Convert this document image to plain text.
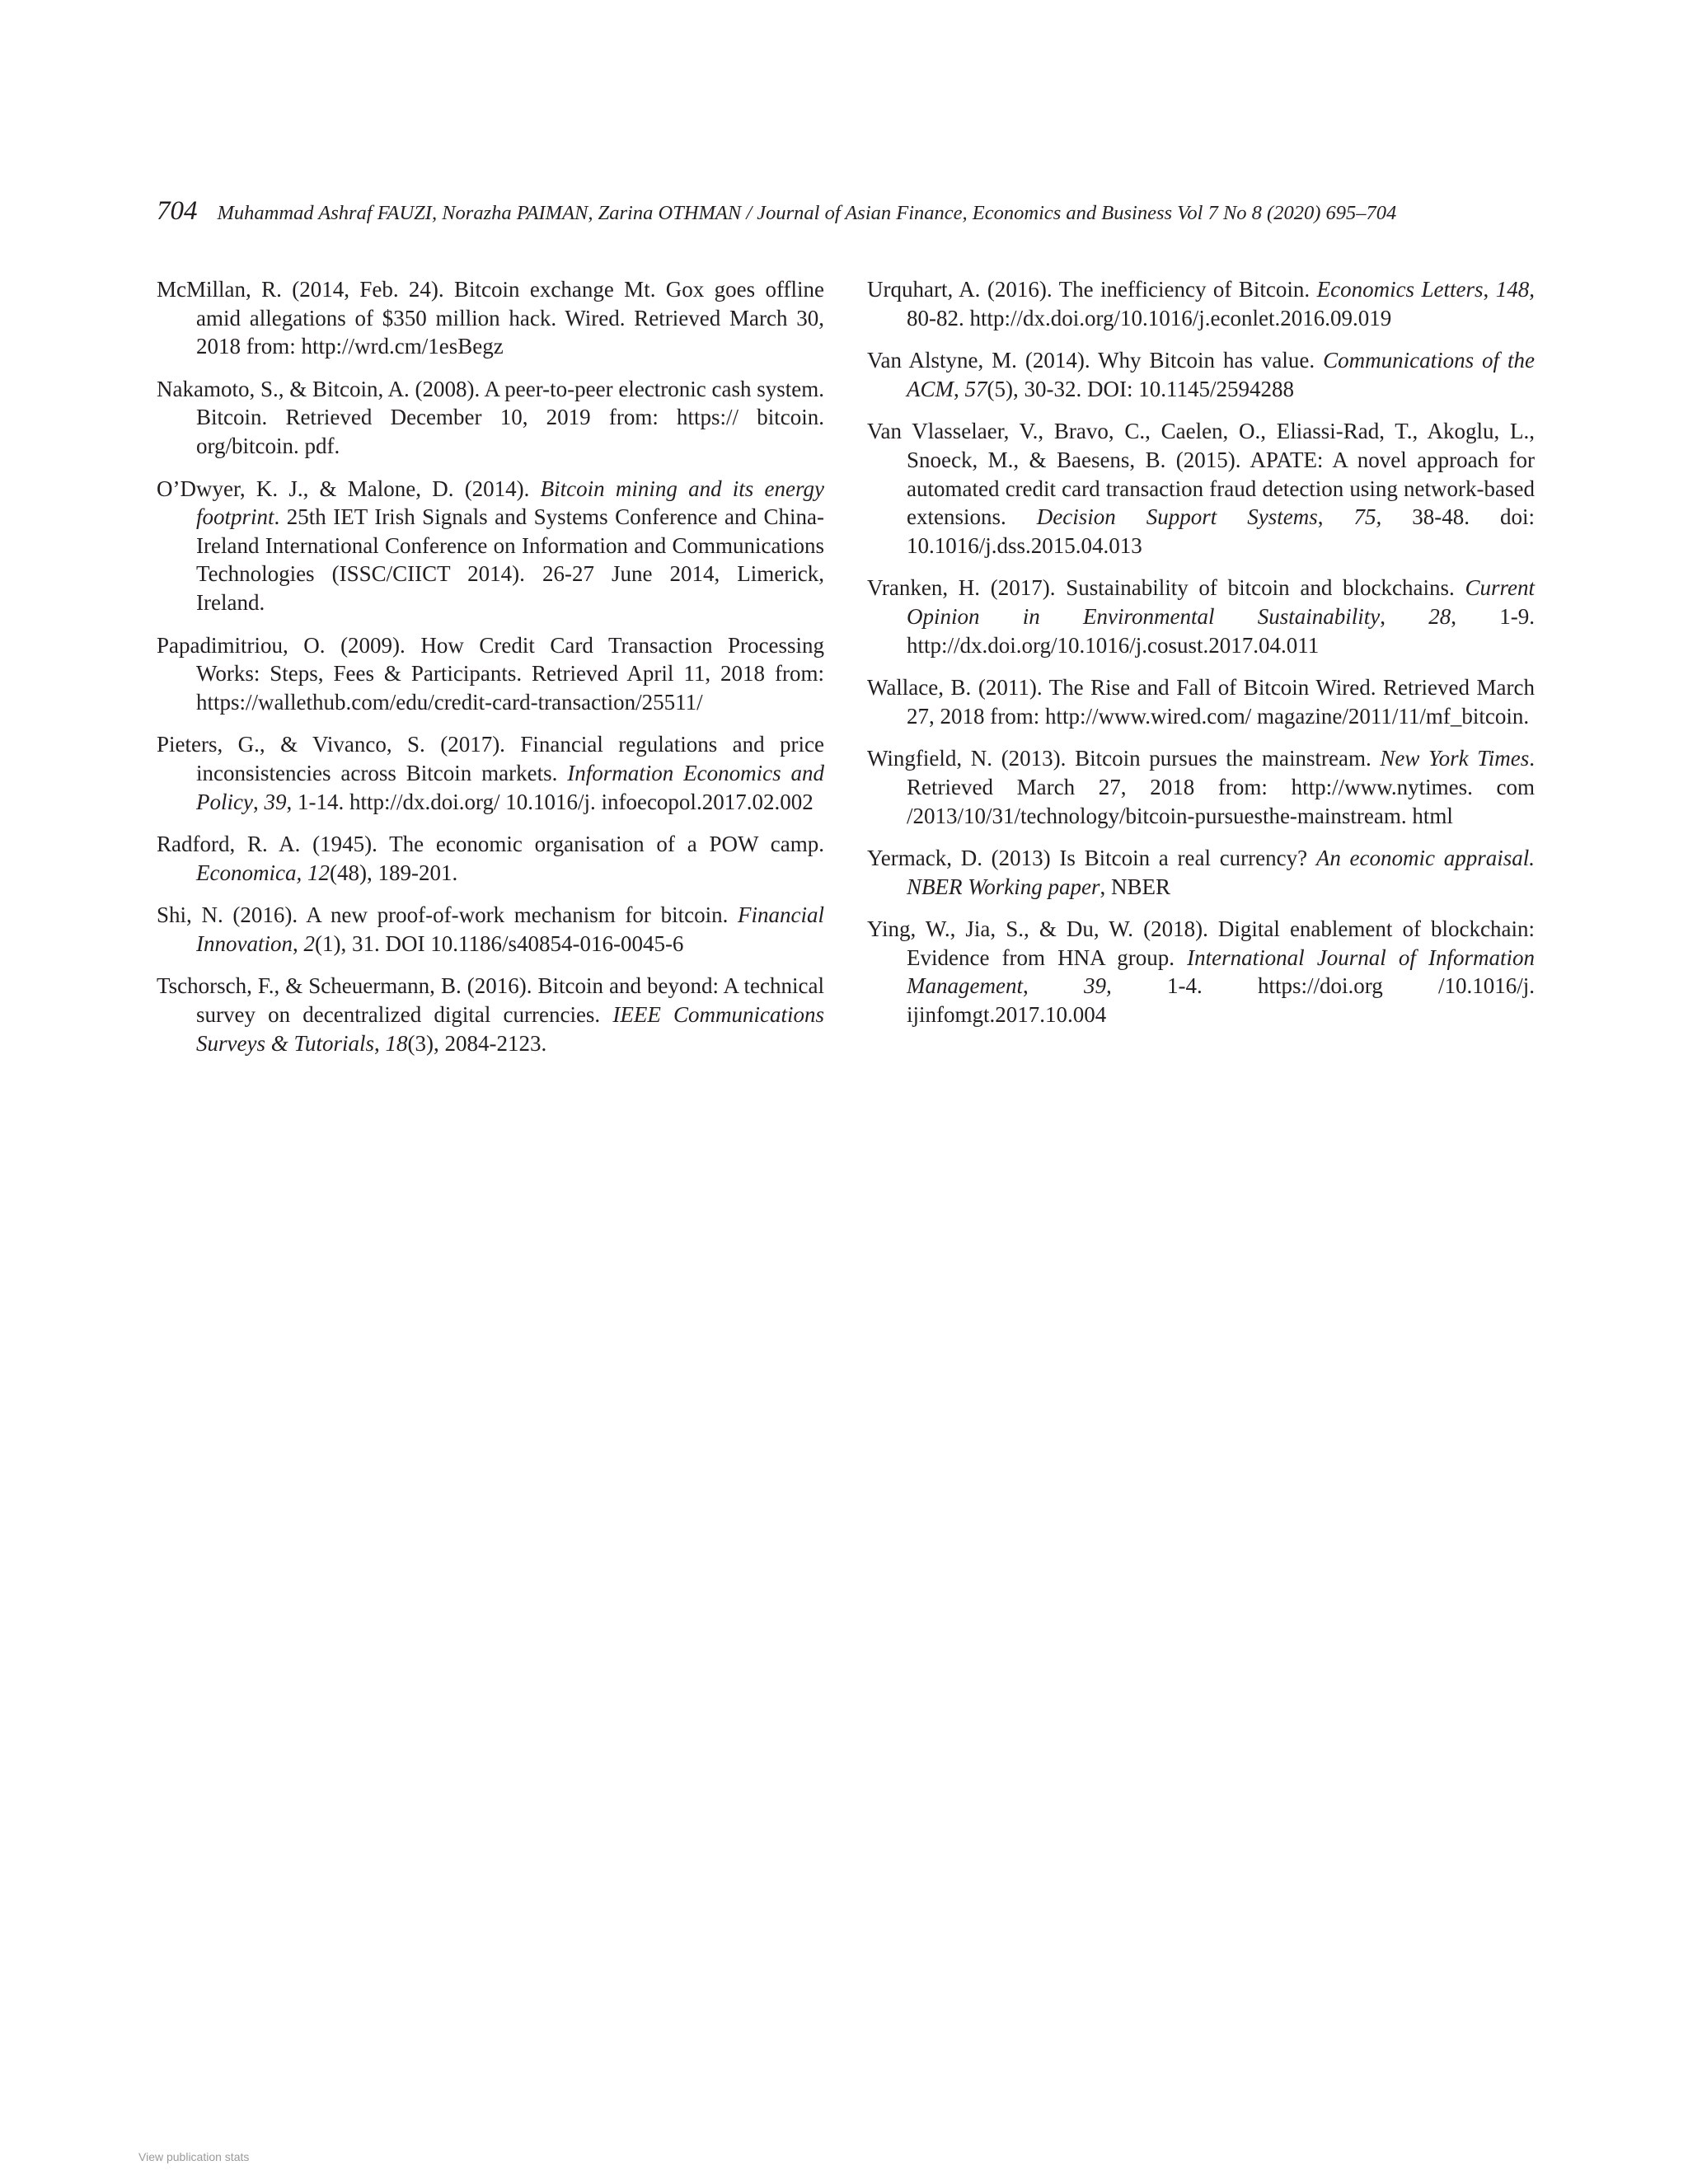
704 Muhammad Ashraf FAUZI, Norazha PAIMAN, Zarina OTHMAN / Journal of Asian Finance, Economics and Business Vol 7 No 8 (2020) 695–704

McMillan, R. (2014, Feb. 24). Bitcoin exchange Mt. Gox goes offline amid allegations of $350 million hack. Wired. Retrieved March 30, 2018 from: http://wrd.cm/1esBegz

Nakamoto, S., & Bitcoin, A. (2008). A peer-to-peer electronic cash system. Bitcoin. Retrieved December 10, 2019 from: https:// bitcoin. org/bitcoin. pdf.

O’Dwyer, K. J., & Malone, D. (2014). Bitcoin mining and its energy footprint. 25th IET Irish Signals and Systems Conference and China-Ireland International Conference on Information and Communications Technologies (ISSC/CIICT 2014). 26-27 June 2014, Limerick, Ireland.

Papadimitriou, O. (2009). How Credit Card Transaction Processing Works: Steps, Fees & Participants. Retrieved April 11, 2018 from: https://wallethub.com/edu/credit-card-transaction/25511/

Pieters, G., & Vivanco, S. (2017). Financial regulations and price inconsistencies across Bitcoin markets. Information Economics and Policy, 39, 1-14. http://dx.doi.org/ 10.1016/j. infoecopol.2017.02.002

Radford, R. A. (1945). The economic organisation of a POW camp. Economica, 12(48), 189-201.

Shi, N. (2016). A new proof-of-work mechanism for bitcoin. Financial Innovation, 2(1), 31. DOI 10.1186/s40854-016-0045-6

Tschorsch, F., & Scheuermann, B. (2016). Bitcoin and beyond: A technical survey on decentralized digital currencies. IEEE Communications Surveys & Tutorials, 18(3), 2084-2123.

Urquhart, A. (2016). The inefficiency of Bitcoin. Economics Letters, 148, 80-82. http://dx.doi.org/10.1016/j.econlet.2016.09.019

Van Alstyne, M. (2014). Why Bitcoin has value. Communications of the ACM, 57(5), 30-32. DOI: 10.1145/2594288

Van Vlasselaer, V., Bravo, C., Caelen, O., Eliassi-Rad, T., Akoglu, L., Snoeck, M., & Baesens, B. (2015). APATE: A novel approach for automated credit card transaction fraud detection using network-based extensions. Decision Support Systems, 75, 38-48. doi: 10.1016/j.dss.2015.04.013

Vranken, H. (2017). Sustainability of bitcoin and blockchains. Current Opinion in Environmental Sustainability, 28, 1-9. http://dx.doi.org/10.1016/j.cosust.2017.04.011

Wallace, B. (2011). The Rise and Fall of Bitcoin Wired. Retrieved March 27, 2018 from: http://www.wired.com/ magazine/2011/11/mf_bitcoin.

Wingfield, N. (2013). Bitcoin pursues the mainstream. New York Times. Retrieved March 27, 2018 from: http://www.nytimes. com /2013/10/31/technology/bitcoin-pursuesthe-mainstream. html

Yermack, D. (2013) Is Bitcoin a real currency? An economic appraisal. NBER Working paper, NBER

Ying, W., Jia, S., & Du, W. (2018). Digital enablement of blockchain: Evidence from HNA group. International Journal of Information Management, 39, 1-4. https://doi.org /10.1016/j. ijinfomgt.2017.10.004

View publication stats
